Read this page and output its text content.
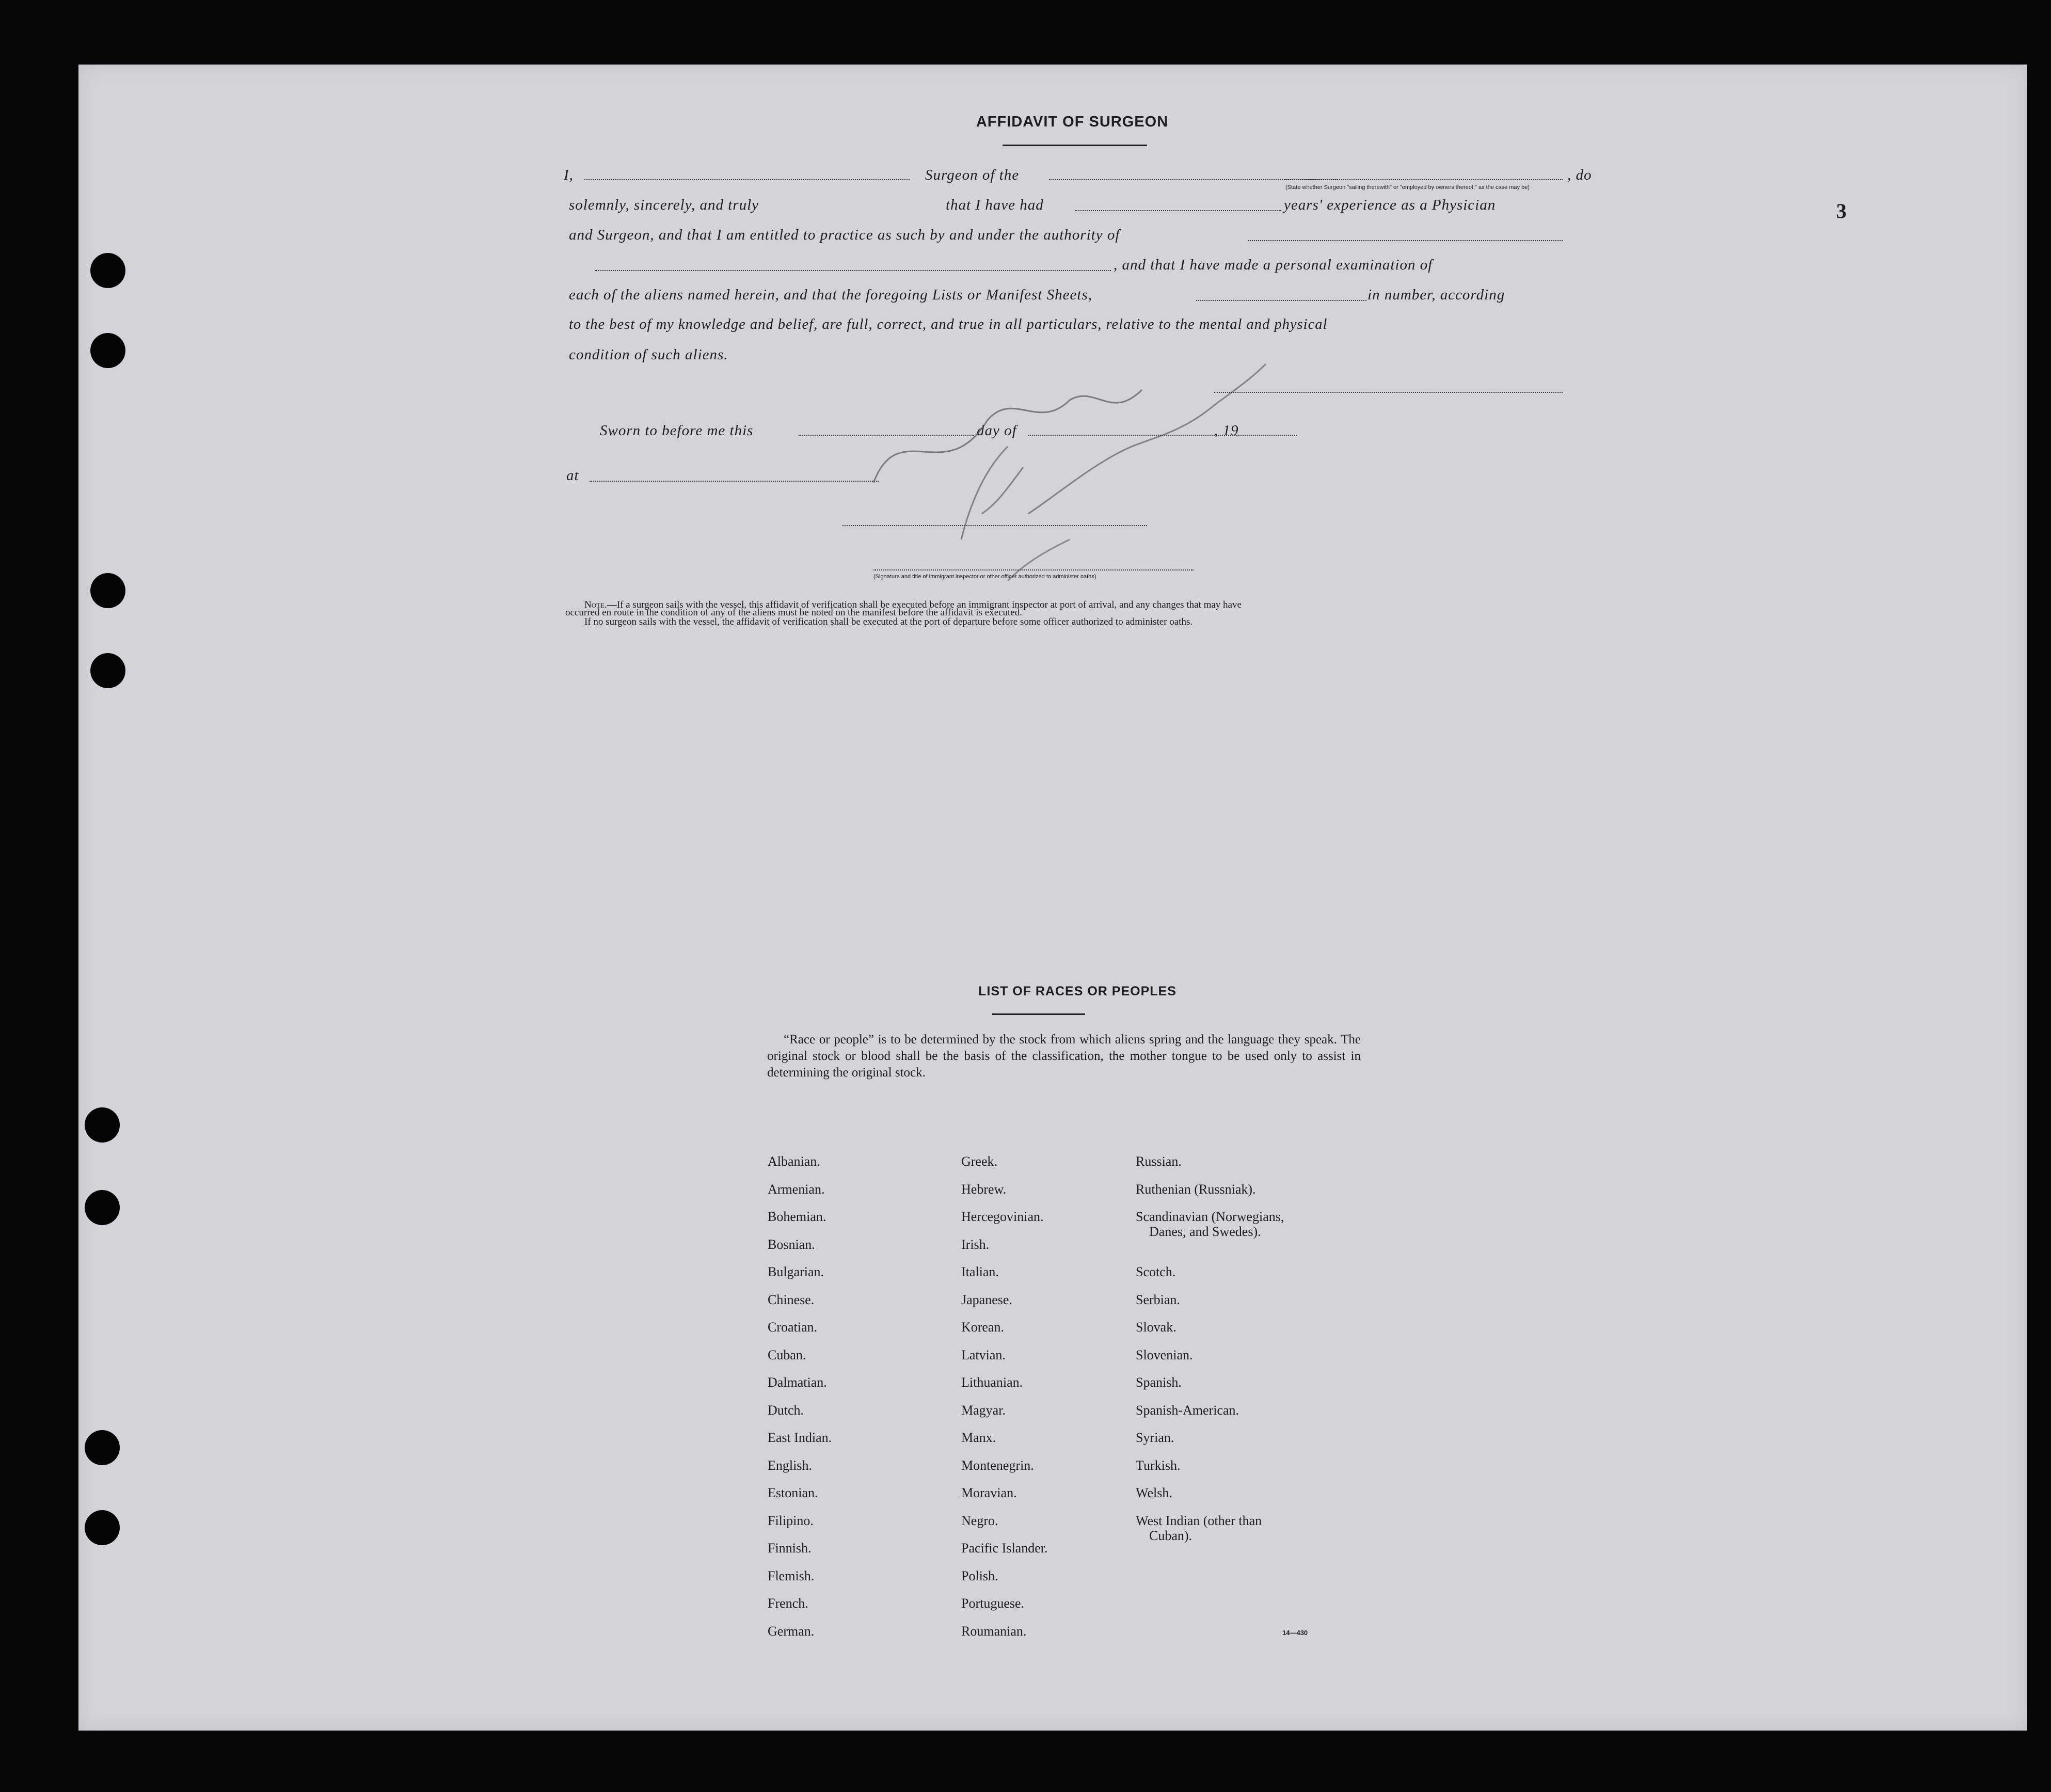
3
AFFIDAVIT OF SURGEON
I,	Surgeon of the	, do
(State whether Surgeon "sailing therewith" or "employed by owners thereof," as the case may be)
solemnly, sincerely, and truly	that I have had	years' experience as a Physician
and Surgeon, and that I am entitled to practice as such by and under the authority of
, and that I have made a personal examination of
each of the aliens named herein, and that the foregoing Lists or Manifest Sheets,	in number, according
to the best of my knowledge and belief, are full, correct, and true in all particulars, relative to the mental and physical
condition of such aliens.
Sworn to before me this	day of	, 19
at
(Signature and title of immigrant inspector or other officer authorized to administer oaths)
Note.—If a surgeon sails with the vessel, this affidavit of verification shall be executed before an immigrant inspector at port of arrival, and any changes that may have
occurred en route in the condition of any of the aliens must be noted on the manifest before the affidavit is executed.
If no surgeon sails with the vessel, the affidavit of verification shall be executed at the port of departure before some officer authorized to administer oaths.
LIST OF RACES OR PEOPLES

“Race or people” is to be determined by the stock from which aliens spring and the language they speak. The original stock or blood shall be the basis of the classification, the mother tongue to be used only to assist in determining the original stock.

Albanian.
Armenian.
Bohemian.
Bosnian.
Bulgarian.
Chinese.
Croatian.
Cuban.
Dalmatian.
Dutch.
East Indian.
English.
Estonian.
Filipino.
Finnish.
Flemish.
French.
German.
Greek.
Hebrew.
Hercegovinian.
Irish.
Italian.
Japanese.
Korean.
Latvian.
Lithuanian.
Magyar.
Manx.
Montenegrin.
Moravian.
Negro.
Pacific Islander.
Polish.
Portuguese.
Roumanian.
Russian.
Ruthenian (Russniak).
Scandinavian (Norwegians,
Danes, and Swedes).
Scotch.
Serbian.
Slovak.
Slovenian.
Spanish.
Spanish-American.
Syrian.
Turkish.
Welsh.
West Indian (other than
Cuban).
14—430
